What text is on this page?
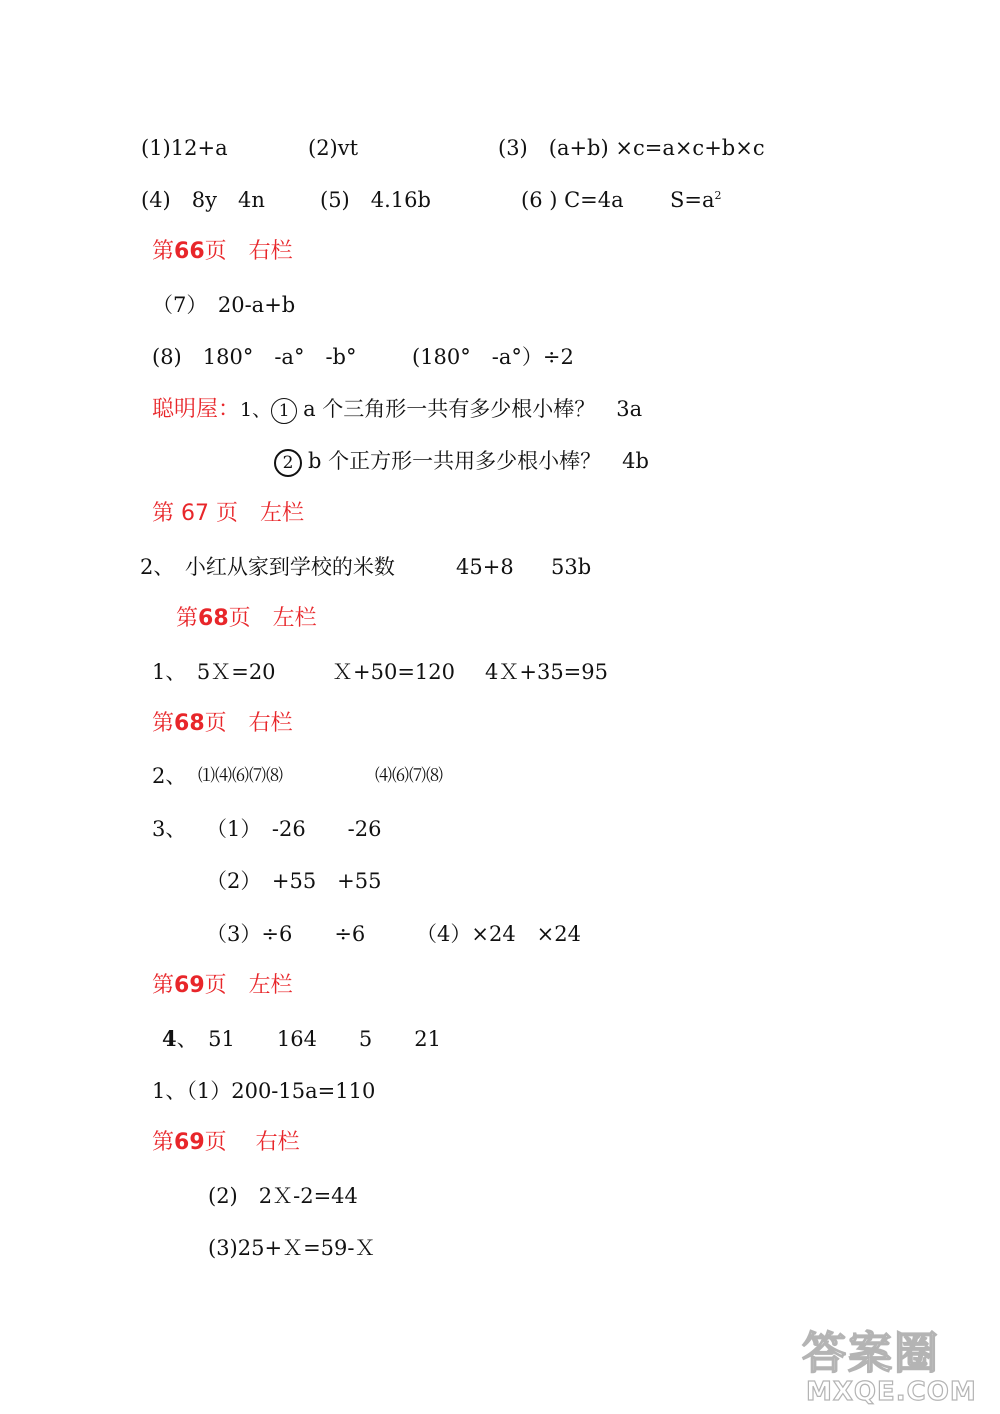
(1)12+a	(2)vt	(3)　(a+b) ×c=a×c+b×c
(4)　8y　4n	(5)　4.16b	(6 ) C=4a $S=a^2$
第66页　右栏
（7）　20-a+b
(8)　180°　-a°　-b°	(180°　-a°）÷2
聪明屋：1、 1 a 个三角形一共有多少根小棒？　3a
2 b 个正方形一共用多少根小棒？　4b
第 67 页　左栏
2、　小红从家到学校的米数	45+8 53b
第68页　左栏
1、　5Ｘ=20	Ｘ+50=120 4Ｘ+35=95
第68页　右栏
2、 ⑴⑷⑹⑺⑻	⑷⑹⑺⑻
3、 （1）　-26　　-26
（2）　+55　+55
（3）÷6　　÷6 （4）×24　×24
第69页　左栏
4、　51　　164　　5　　21
1、（1）200-15a=110
第69页　 右栏
(2)　2Ｘ-2=44
(3)25+Ｘ=59-Ｘ
答案圈
MXQE.COM
